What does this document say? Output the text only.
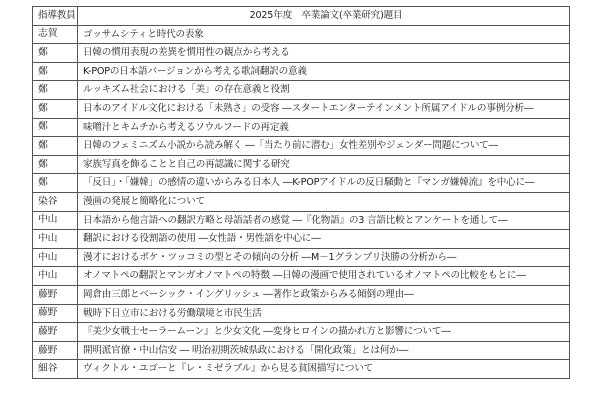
指導教員	2025年度　卒業論文(卒業研究)題目
志賀	ゴッサムシティと時代の表象
鄭	日韓の慣用表現の差異を慣用性の観点から考える
鄭	K-POPの日本語バージョンから考える歌詞翻訳の意義
鄭	ルッキズム社会における「美」の存在意義と役割
鄭	日本のアイドル文化における「未熟さ」の受容 ―スタートエンターテインメント所属アイドルの事例分析―
鄭	味噌汁とキムチから考えるソウルフードの再定義
鄭	日韓のフェミニズム小説から読み解く ―「当たり前に潜む」女性差別やジェンダー問題について―
鄭	家族写真を飾ることと自己の再認識に関する研究
鄭	「反日」・「嫌韓」の感情の違いからみる日本人 ―K-POPアイドルの反日騒動と『マンガ嫌韓流』を中心に―
染谷	漫画の発展と簡略化について
中山	日本語から他言語への翻訳方略と母語話者の感覚 ―『化物語』の3 言語比較とアンケートを通して―
中山	翻訳における役割語の使用 ―女性語・男性語を中心に―
中山	漫才におけるボケ・ツッコミの型とその傾向の分析 ―M－1グランプリ決勝の分析から―
中山	オノマトペの翻訳とマンガオノマトペの特徴 ―日韓の漫画で使用されているオノマトペの比較をもとに―
藤野	岡倉由三郎とベーシック・イングリッシュ ―著作と政策からみる傾倒の理由―
藤野	戦時下日立市における労働環境と市民生活
藤野	『美少女戦士セーラームーン』と少女文化 ―変身ヒロインの描かれ方と影響について―
藤野	開明派官僚・中山信安 ― 明治初期茨城県政における「開化政策」とは何か―
細谷	ヴィクトル・ユゴーと『レ・ミゼラブル』から見る貧困描写について
